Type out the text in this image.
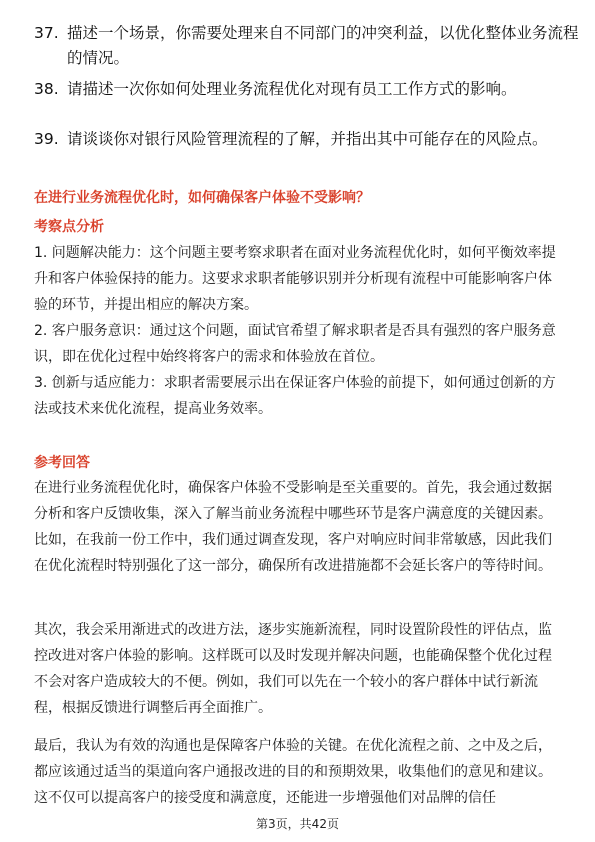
37. 描述一个场景，你需要处理来自不同部门的冲突利益，以优化整体业务流程的情况。
38. 请描述一次你如何处理业务流程优化对现有员工工作方式的影响。
39. 请谈谈你对银行风险管理流程的了解，并指出其中可能存在的风险点。
在进行业务流程优化时，如何确保客户体验不受影响？
考察点分析
1. 问题解决能力：这个问题主要考察求职者在面对业务流程优化时，如何平衡效率提升和客户体验保持的能力。这要求求职者能够识别并分析现有流程中可能影响客户体验的环节，并提出相应的解决方案。
2. 客户服务意识：通过这个问题，面试官希望了解求职者是否具有强烈的客户服务意识，即在优化过程中始终将客户的需求和体验放在首位。
3. 创新与适应能力：求职者需要展示出在保证客户体验的前提下，如何通过创新的方法或技术来优化流程，提高业务效率。
参考回答
在进行业务流程优化时，确保客户体验不受影响是至关重要的。首先，我会通过数据分析和客户反馈收集，深入了解当前业务流程中哪些环节是客户满意度的关键因素。比如，在我前一份工作中，我们通过调查发现，客户对响应时间非常敏感，因此我们在优化流程时特别强化了这一部分，确保所有改进措施都不会延长客户的等待时间。
其次，我会采用渐进式的改进方法，逐步实施新流程，同时设置阶段性的评估点，监控改进对客户体验的影响。这样既可以及时发现并解决问题，也能确保整个优化过程不会对客户造成较大的不便。例如，我们可以先在一个较小的客户群体中试行新流程，根据反馈进行调整后再全面推广。
最后，我认为有效的沟通也是保障客户体验的关键。在优化流程之前、之中及之后，都应该通过适当的渠道向客户通报改进的目的和预期效果，收集他们的意见和建议。这不仅可以提高客户的接受度和满意度，还能进一步增强他们对品牌的信任
第3页，共42页
